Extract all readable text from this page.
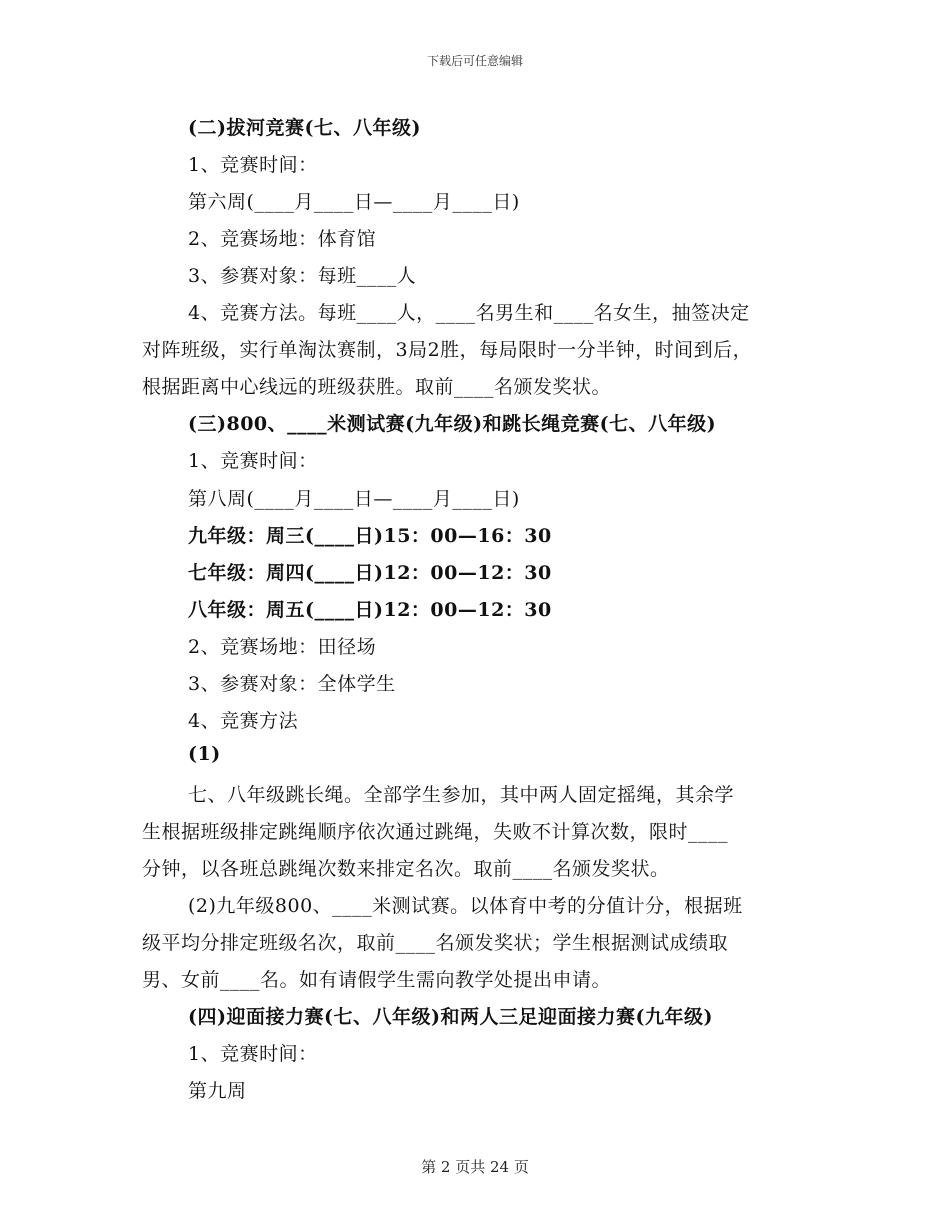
下载后可任意编辑
(二)拔河竞赛(七、八年级)
1、竞赛时间：
第六周(____月____日—____月____日)
2、竞赛场地：体育馆
3、参赛对象：每班____人
4、竞赛方法。每班____人，____名男生和____名女生，抽签决定
对阵班级，实行单淘汰赛制，3局2胜，每局限时一分半钟，时间到后，
根据距离中心线远的班级获胜。取前____名颁发奖状。
(三)800、____米测试赛(九年级)和跳长绳竞赛(七、八年级)
1、竞赛时间：
第八周(____月____日—____月____日)
九年级：周三(____日)15：00—16：30
七年级：周四(____日)12：00—12：30
八年级：周五(____日)12：00—12：30
2、竞赛场地：田径场
3、参赛对象：全体学生
4、竞赛方法
(1)
七、八年级跳长绳。全部学生参加，其中两人固定摇绳，其余学
生根据班级排定跳绳顺序依次通过跳绳，失败不计算次数，限时____
分钟，以各班总跳绳次数来排定名次。取前____名颁发奖状。
(2)九年级800、____米测试赛。以体育中考的分值计分，根据班
级平均分排定班级名次，取前____名颁发奖状；学生根据测试成绩取
男、女前____名。如有请假学生需向教学处提出申请。
(四)迎面接力赛(七、八年级)和两人三足迎面接力赛(九年级)
1、竞赛时间：
第九周
第 2 页共 24 页
